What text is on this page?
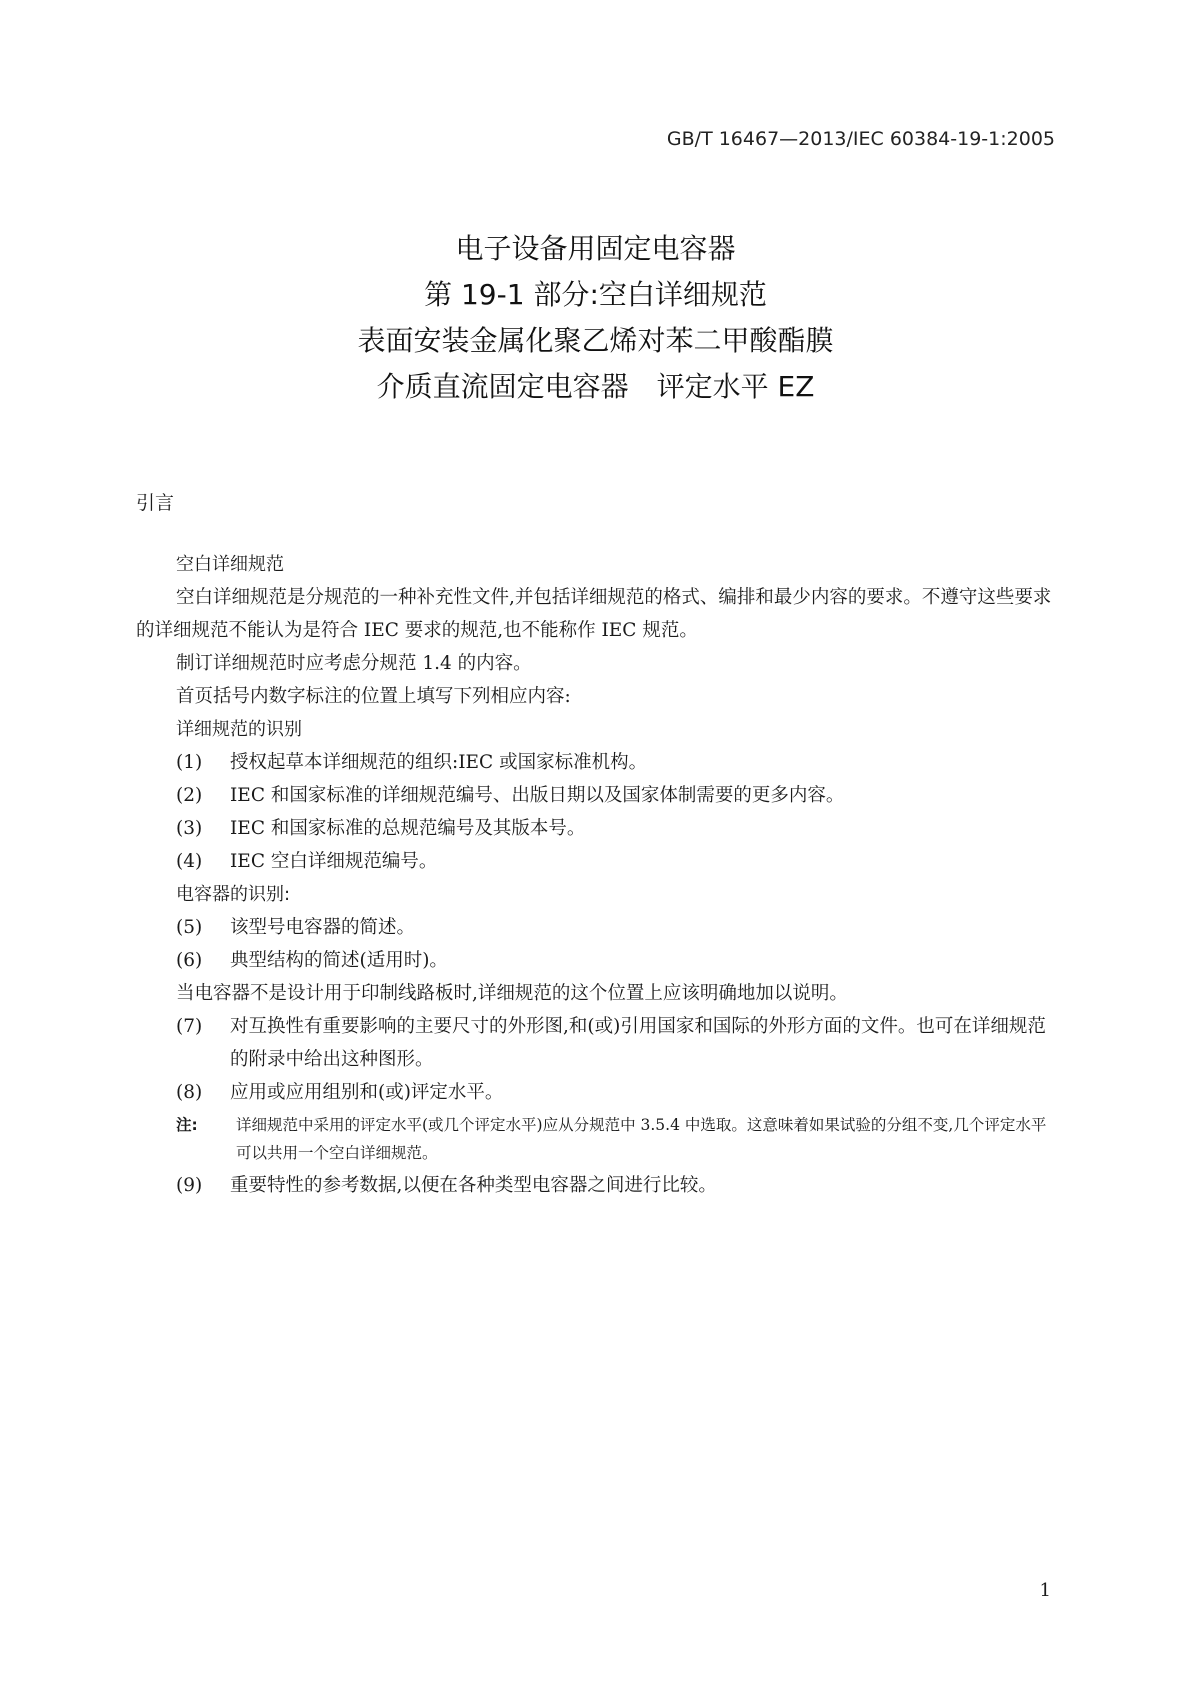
GB/T 16467—2013/IEC 60384-19-1:2005
电子设备用固定电容器
第 19-1 部分:空白详细规范
表面安装金属化聚乙烯对苯二甲酸酯膜
介质直流固定电容器　评定水平 EZ
引言
空白详细规范
空白详细规范是分规范的一种补充性文件,并包括详细规范的格式、编排和最少内容的要求。不遵守这些要求的详细规范不能认为是符合 IEC 要求的规范,也不能称作 IEC 规范。
制订详细规范时应考虑分规范 1.4 的内容。
首页括号内数字标注的位置上填写下列相应内容:
详细规范的识别
(1)	授权起草本详细规范的组织:IEC 或国家标准机构。
(2)	IEC 和国家标准的详细规范编号、出版日期以及国家体制需要的更多内容。
(3)	IEC 和国家标准的总规范编号及其版本号。
(4)	IEC 空白详细规范编号。
电容器的识别:
(5)	该型号电容器的简述。
(6)	典型结构的简述(适用时)。
当电容器不是设计用于印制线路板时,详细规范的这个位置上应该明确地加以说明。
(7)	对互换性有重要影响的主要尺寸的外形图,和(或)引用国家和国际的外形方面的文件。也可在详细规范的附录中给出这种图形。
(8)	应用或应用组别和(或)评定水平。
注:	详细规范中采用的评定水平(或几个评定水平)应从分规范中 3.5.4 中选取。这意味着如果试验的分组不变,几个评定水平可以共用一个空白详细规范。
(9)	重要特性的参考数据,以便在各种类型电容器之间进行比较。
1
